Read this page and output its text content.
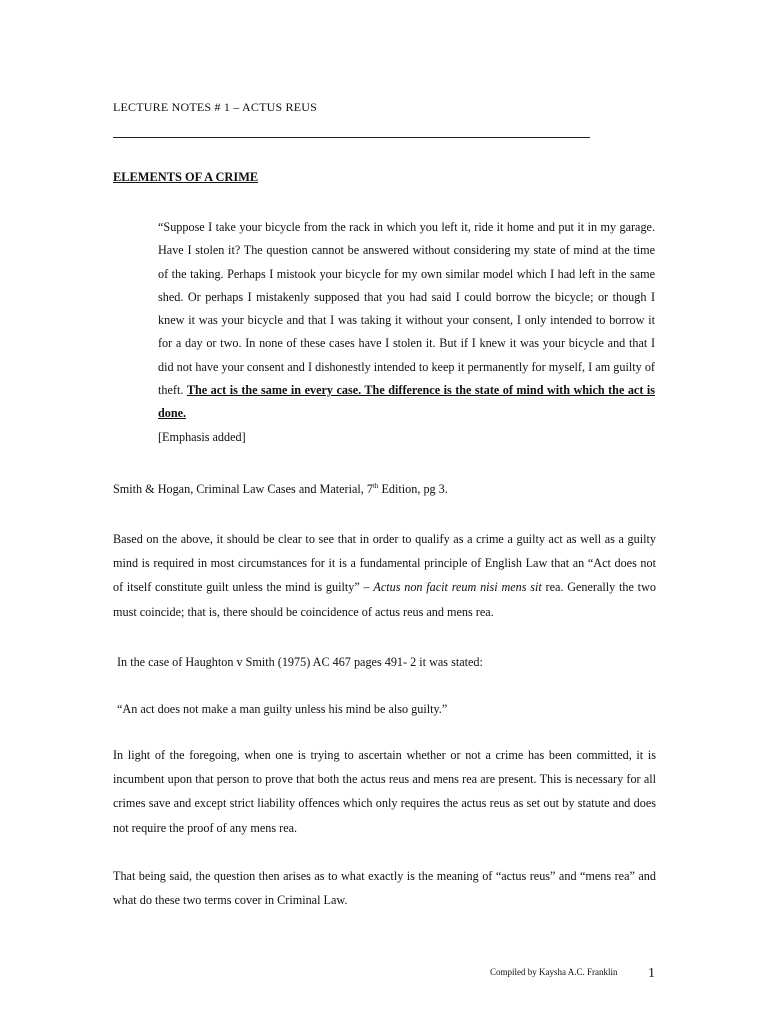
LECTURE NOTES # 1 – ACTUS REUS
ELEMENTS OF A CRIME
“Suppose I take your bicycle from the rack in which you left it, ride it home and put it in my garage. Have I stolen it? The question cannot be answered without considering my state of mind at the time of the taking. Perhaps I mistook your bicycle for my own similar model which I had left in the same shed. Or perhaps I mistakenly supposed that you had said I could borrow the bicycle; or though I knew it was your bicycle and that I was taking it without your consent, I only intended to borrow it for a day or two. In none of these cases have I stolen it. But if I knew it was your bicycle and that I did not have your consent and I dishonestly intended to keep it permanently for myself, I am guilty of theft. The act is the same in every case. The difference is the state of mind with which the act is done.
[Emphasis added]
Smith & Hogan, Criminal Law Cases and Material, 7th Edition, pg 3.
Based on the above, it should be clear to see that in order to qualify as a crime a guilty act as well as a guilty mind is required in most circumstances for it is a fundamental principle of English Law that an “Act does not of itself constitute guilt unless the mind is guilty” – Actus non facit reum nisi mens sit rea. Generally the two must coincide; that is, there should be coincidence of actus reus and mens rea.
In the case of Haughton v Smith (1975) AC 467 pages 491- 2 it was stated:
“An act does not make a man guilty unless his mind be also guilty.”
In light of the foregoing, when one is trying to ascertain whether or not a crime has been committed, it is incumbent upon that person to prove that both the actus reus and mens rea are present. This is necessary for all crimes save and except strict liability offences which only requires the actus reus as set out by statute and does not require the proof of any mens rea.
That being said, the question then arises as to what exactly is the meaning of “actus reus” and “mens rea” and what do these two terms cover in Criminal Law.
Compiled by Kaysha A.C. Franklin 1
